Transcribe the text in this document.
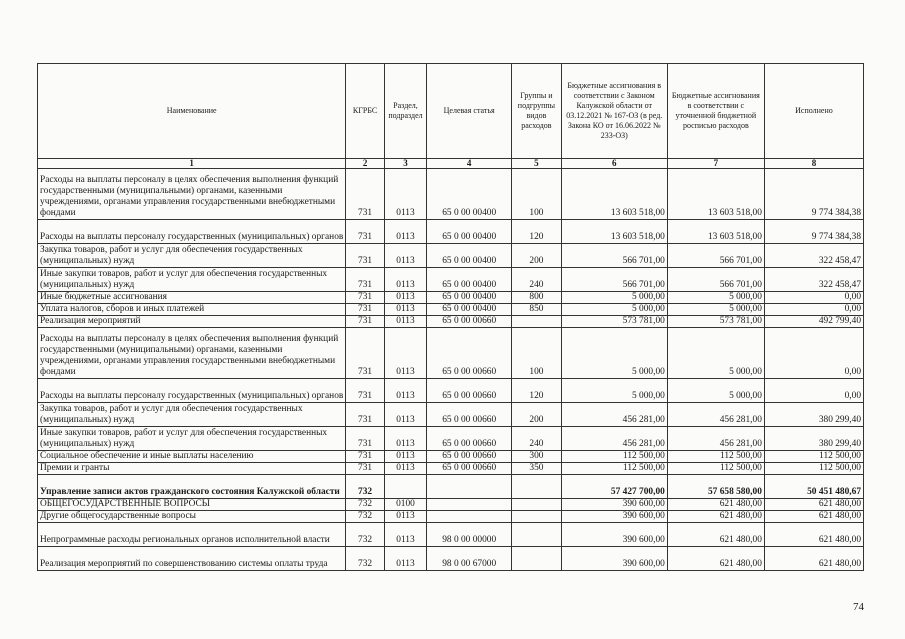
Наименование	КГРБС	Раздел, подраздел	Целевая статья	Группы и подгруппы видов расходов	Бюджетные ассигнования в соответствии с Законом Калужской области от 03.12.2021 № 167-ОЗ (в ред. Закона КО от 16.06.2022 № 233-ОЗ)	Бюджетные ассигнования в соответствии с уточненной бюджетной росписью расходов	Исполнено
1	2	3	4	5	6	7	8
Расходы на выплаты персоналу в целях обеспечения выполнения функций государственными (муниципальными) органами, казенными учреждениями, органами управления государственными внебюджетными фондами	731	0113	65 0 00 00400	100	13 603 518,00	13 603 518,00	9 774 384,38
Расходы на выплаты персоналу государственных (муниципальных) органов	731	0113	65 0 00 00400	120	13 603 518,00	13 603 518,00	9 774 384,38
Закупка товаров, работ и услуг для обеспечения государственных (муниципальных) нужд	731	0113	65 0 00 00400	200	566 701,00	566 701,00	322 458,47
Иные закупки товаров, работ и услуг для обеспечения государственных (муниципальных) нужд	731	0113	65 0 00 00400	240	566 701,00	566 701,00	322 458,47
Иные бюджетные ассигнования	731	0113	65 0 00 00400	800	5 000,00	5 000,00	0,00
Уплата налогов, сборов и иных платежей	731	0113	65 0 00 00400	850	5 000,00	5 000,00	0,00
Реализация мероприятий	731	0113	65 0 00 00660		573 781,00	573 781,00	492 799,40
Расходы на выплаты персоналу в целях обеспечения выполнения функций государственными (муниципальными) органами, казенными учреждениями, органами управления государственными внебюджетными фондами	731	0113	65 0 00 00660	100	5 000,00	5 000,00	0,00
Расходы на выплаты персоналу государственных (муниципальных) органов	731	0113	65 0 00 00660	120	5 000,00	5 000,00	0,00
Закупка товаров, работ и услуг для обеспечения государственных (муниципальных) нужд	731	0113	65 0 00 00660	200	456 281,00	456 281,00	380 299,40
Иные закупки товаров, работ и услуг для обеспечения государственных (муниципальных) нужд	731	0113	65 0 00 00660	240	456 281,00	456 281,00	380 299,40
Социальное обеспечение и иные выплаты населению	731	0113	65 0 00 00660	300	112 500,00	112 500,00	112 500,00
Премии и гранты	731	0113	65 0 00 00660	350	112 500,00	112 500,00	112 500,00
Управление записи актов гражданского состояния Калужской области	732				57 427 700,00	57 658 580,00	50 451 480,67
ОБЩЕГОСУДАРСТВЕННЫЕ ВОПРОСЫ	732	0100			390 600,00	621 480,00	621 480,00
Другие общегосударственные вопросы	732	0113			390 600,00	621 480,00	621 480,00
Непрограммные расходы региональных органов исполнительной власти	732	0113	98 0 00 00000		390 600,00	621 480,00	621 480,00
Реализация мероприятий по совершенствованию системы оплаты труда	732	0113	98 0 00 67000		390 600,00	621 480,00	621 480,00
74
